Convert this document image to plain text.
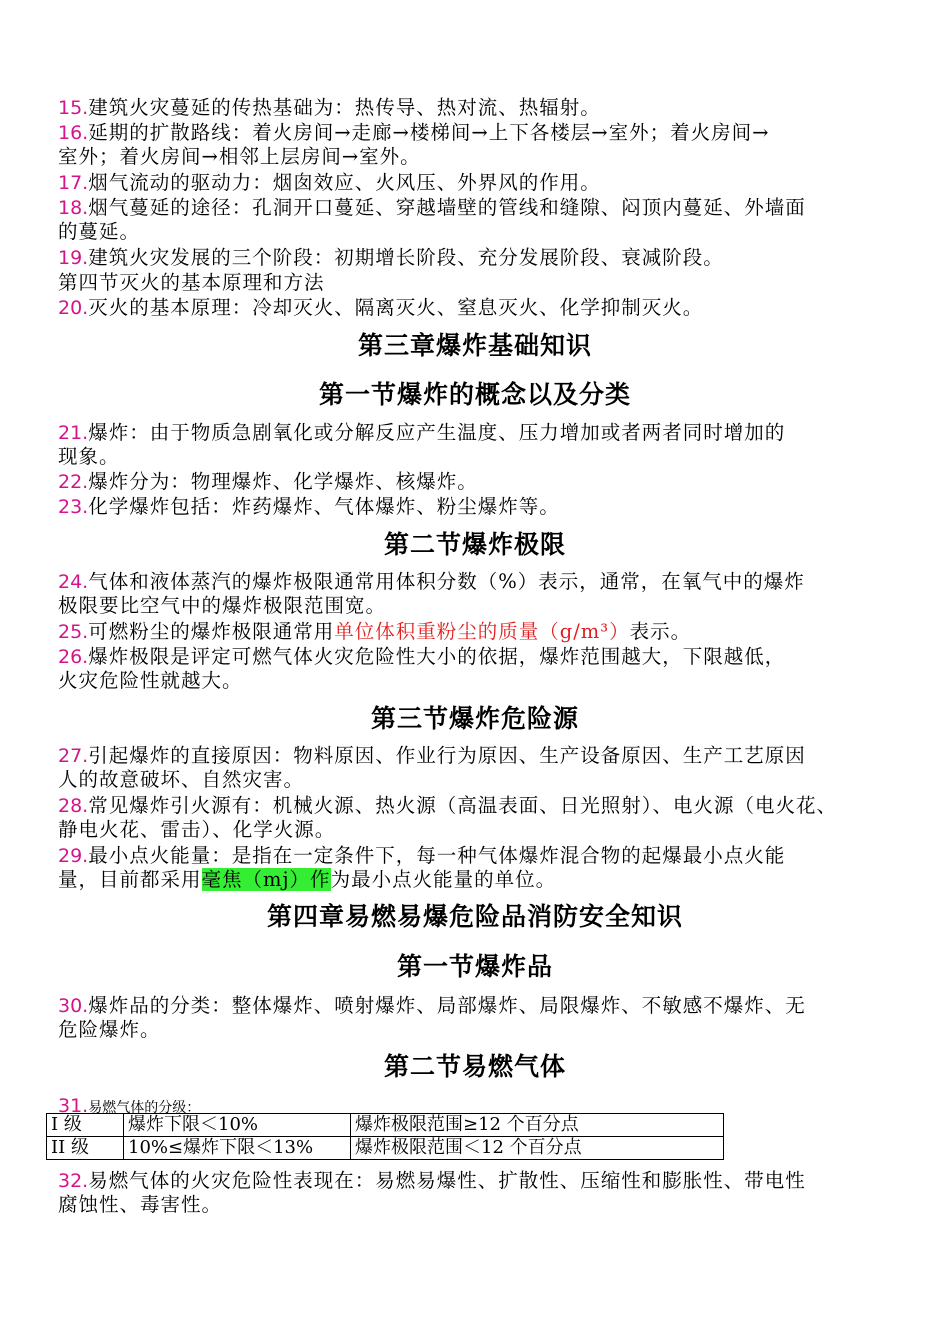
15.建筑火灾蔓延的传热基础为：热传导、热对流、热辐射。
16.延期的扩散路线：着火房间→走廊→楼梯间→上下各楼层→室外；着火房间→
室外；着火房间→相邻上层房间→室外。
17.烟气流动的驱动力：烟囱效应、火风压、外界风的作用。
18.烟气蔓延的途径：孔洞开口蔓延、穿越墙壁的管线和缝隙、闷顶内蔓延、外墙面
的蔓延。
19.建筑火灾发展的三个阶段：初期增长阶段、充分发展阶段、衰减阶段。
第四节灭火的基本原理和方法
20.灭火的基本原理：冷却灭火、隔离灭火、窒息灭火、化学抑制灭火。
第三章爆炸基础知识
第一节爆炸的概念以及分类
21.爆炸：由于物质急剧氧化或分解反应产生温度、压力增加或者两者同时增加的
现象。
22.爆炸分为：物理爆炸、化学爆炸、核爆炸。
23.化学爆炸包括：炸药爆炸、气体爆炸、粉尘爆炸等。
第二节爆炸极限
24.气体和液体蒸汽的爆炸极限通常用体积分数（%）表示，通常，在氧气中的爆炸
极限要比空气中的爆炸极限范围宽。
25.可燃粉尘的爆炸极限通常用单位体积重粉尘的质量（g/m³）表示。
26.爆炸极限是评定可燃气体火灾危险性大小的依据，爆炸范围越大，下限越低，
火灾危险性就越大。
第三节爆炸危险源
27.引起爆炸的直接原因：物料原因、作业行为原因、生产设备原因、生产工艺原因
人的故意破坏、自然灾害。
28.常见爆炸引火源有：机械火源、热火源（高温表面、日光照射）、电火源（电火花、
静电火花、雷击）、化学火源。
29.最小点火能量：是指在一定条件下，每一种气体爆炸混合物的起爆最小点火能
量，目前都采用毫焦（mj）作为最小点火能量的单位。
第四章易燃易爆危险品消防安全知识
第一节爆炸品
30.爆炸品的分类：整体爆炸、喷射爆炸、局部爆炸、局限爆炸、不敏感不爆炸、无
危险爆炸。
第二节易燃气体
31.易燃气体的分级：
I 级	爆炸下限＜10%	爆炸极限范围≥12 个百分点
II 级	10%≤爆炸下限＜13%	爆炸极限范围＜12 个百分点
32.易燃气体的火灾危险性表现在：易燃易爆性、扩散性、压缩性和膨胀性、带电性
腐蚀性、毒害性。
